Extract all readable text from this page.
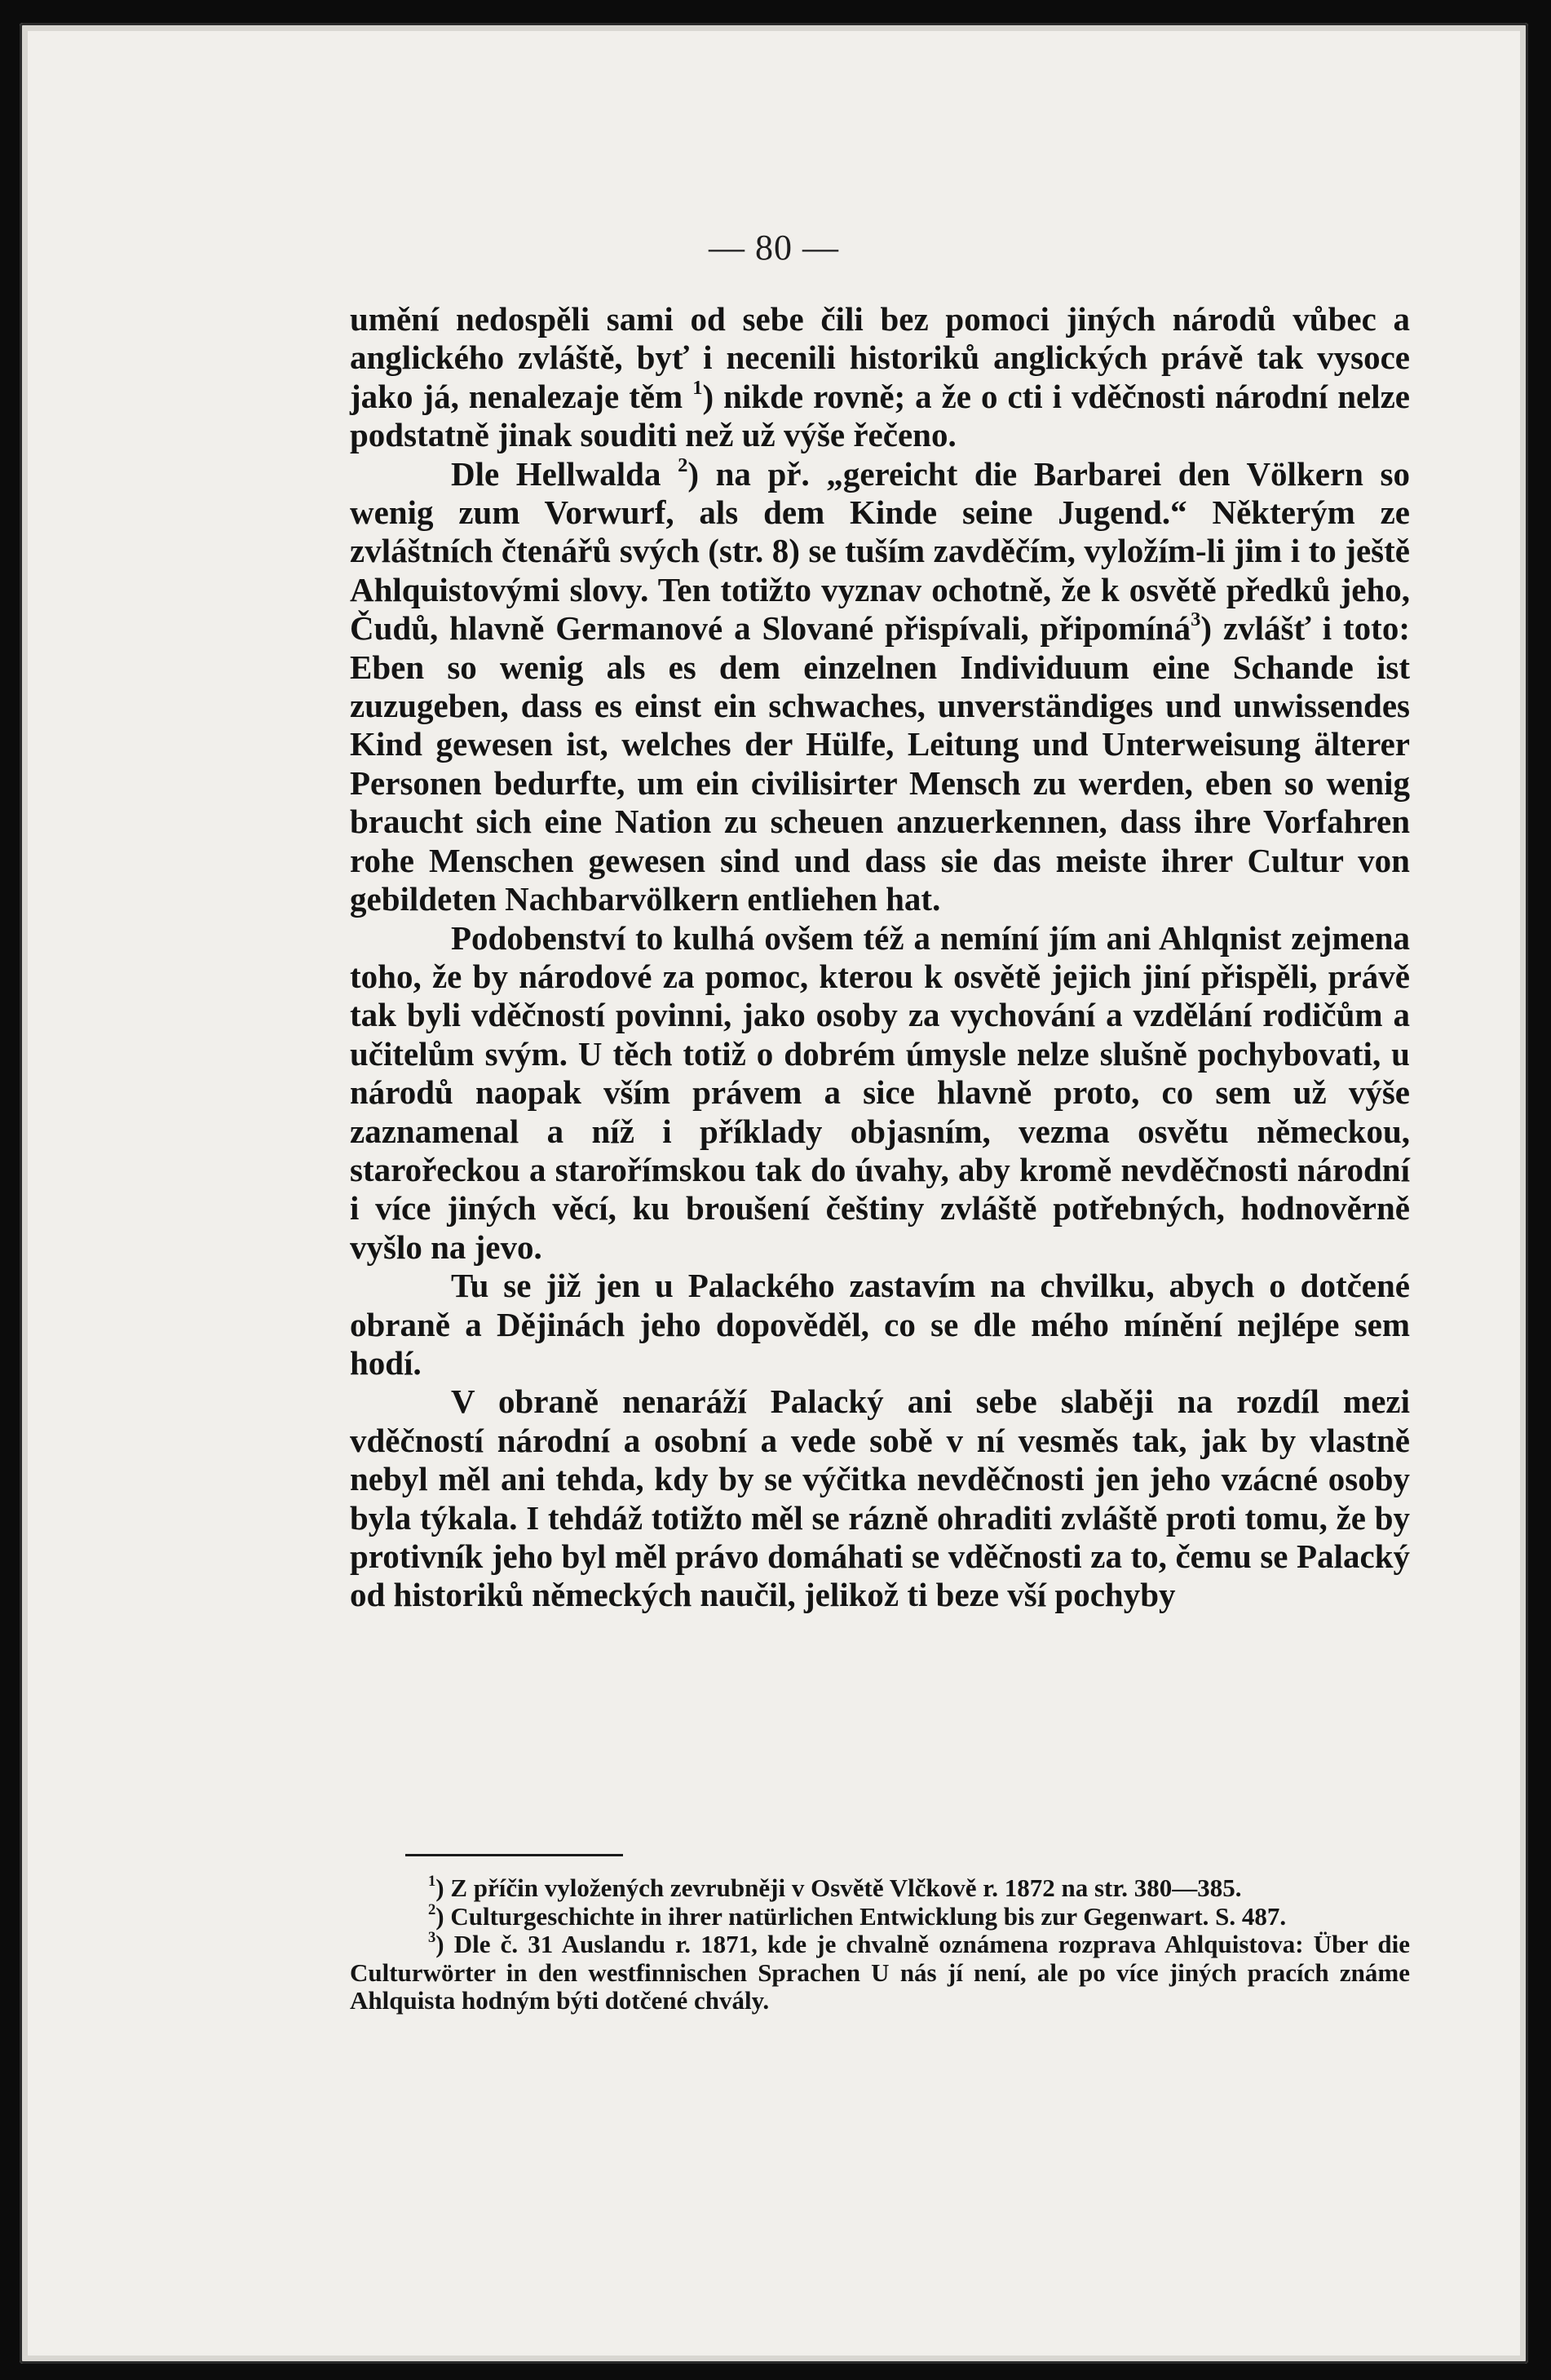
— 80 —

umění nedospěli sami od sebe čili bez pomoci jiných národů vůbec a anglického zvláště, byť i necenili historiků anglických právě tak vysoce jako já, nenalezaje těm $^1$) nikde rovně; a že o cti i vděčnosti národní nelze podstatně jinak souditi než už výše řečeno.

Dle Hellwalda $^2$) na př. „gereicht die Barbarei den Völkern so wenig zum Vorwurf, als dem Kinde seine Jugend.“ Některým ze zvláštních čtenářů svých (str. 8) se tuším zavděčím, vyložím-li jim i to ještě Ahlquistovými slovy. Ten totižto vyznav ochotně, že k osvětě předků jeho, Čudů, hlavně Germanové a Slované přispívali, připomíná$^3$) zvlášť i toto: Eben so wenig als es dem einzelnen Individuum eine Schande ist zuzugeben, dass es einst ein schwaches, unverständiges und unwissendes Kind gewesen ist, welches der Hülfe, Leitung und Unterweisung älterer Personen bedurfte, um ein civilisirter Mensch zu werden, eben so wenig braucht sich eine Nation zu scheuen anzuerkennen, dass ihre Vorfahren rohe Menschen gewesen sind und dass sie das meiste ihrer Cultur von gebildeten Nachbarvölkern entliehen hat.

Podobenství to kulhá ovšem též a nemíní jím ani Ahlqnist zejmena toho, že by národové za pomoc, kterou k osvětě jejich jiní přispěli, právě tak byli vděčností povinni, jako osoby za vychování a vzdělání rodičům a učitelům svým. U těch totiž o dobrém úmysle nelze slušně pochybovati, u národů naopak vším právem a sice hlavně proto, co sem už výše zaznamenal a níž i příklady objasním, vezma osvětu německou, starořeckou a starořímskou tak do úvahy, aby kromě nevděčnosti národní i více jiných věcí, ku broušení češtiny zvláště potřebných, hodnověrně vyšlo na jevo.

Tu se již jen u Palackého zastavím na chvilku, abych o dotčené obraně a Dějinách jeho dopověděl, co se dle mého mínění nejlépe sem hodí.

V obraně nenaráží Palacký ani sebe slaběji na rozdíl mezi vděčností národní a osobní a vede sobě v ní vesměs tak, jak by vlastně nebyl měl ani tehda, kdy by se výčitka nevděčnosti jen jeho vzácné osoby byla týkala. I tehdáž totižto měl se rázně ohraditi zvláště proti tomu, že by protivník jeho byl měl právo domáhati se vděčnosti za to, čemu se Palacký od historiků německých naučil, jelikož ti beze vší pochyby

$^1$) Z příčin vyložených zevrubněji v Osvětě Vlčkově r. 1872 na str. 380—385.

$^2$) Culturgeschichte in ihrer natürlichen Entwicklung bis zur Gegenwart. S. 487.

$^3$) Dle č. 31 Auslandu r. 1871, kde je chvalně oznámena rozprava Ahlquistova: Über die Culturwörter in den westfinnischen Sprachen U nás jí není, ale po více jiných pracích známe Ahlquista hodným býti dotčené chvály.
